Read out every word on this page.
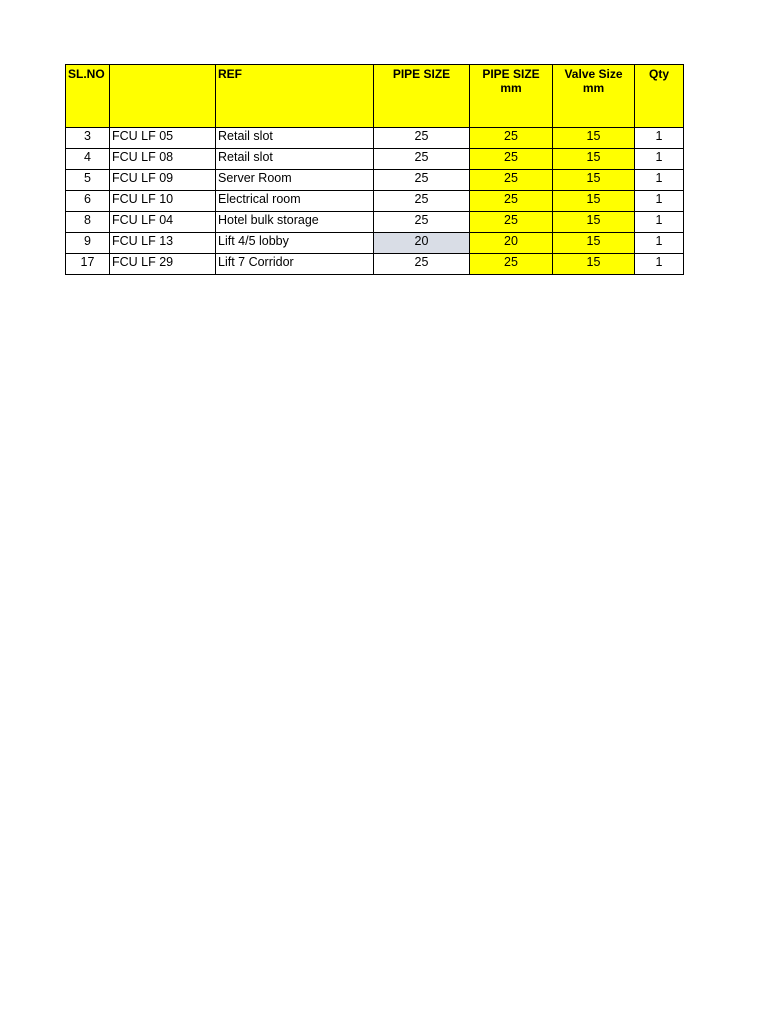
SL.NO		REF	PIPE SIZE	PIPE SIZE mm	Valve Size mm	Qty
3	FCU LF 05	Retail slot	25	25	15	1
4	FCU LF 08	Retail slot	25	25	15	1
5	FCU LF 09	Server Room	25	25	15	1
6	FCU LF 10	Electrical room	25	25	15	1
8	FCU LF 04	Hotel bulk storage	25	25	15	1
9	FCU LF 13	Lift 4/5 lobby	20	20	15	1
17	FCU LF 29	Lift 7 Corridor	25	25	15	1
